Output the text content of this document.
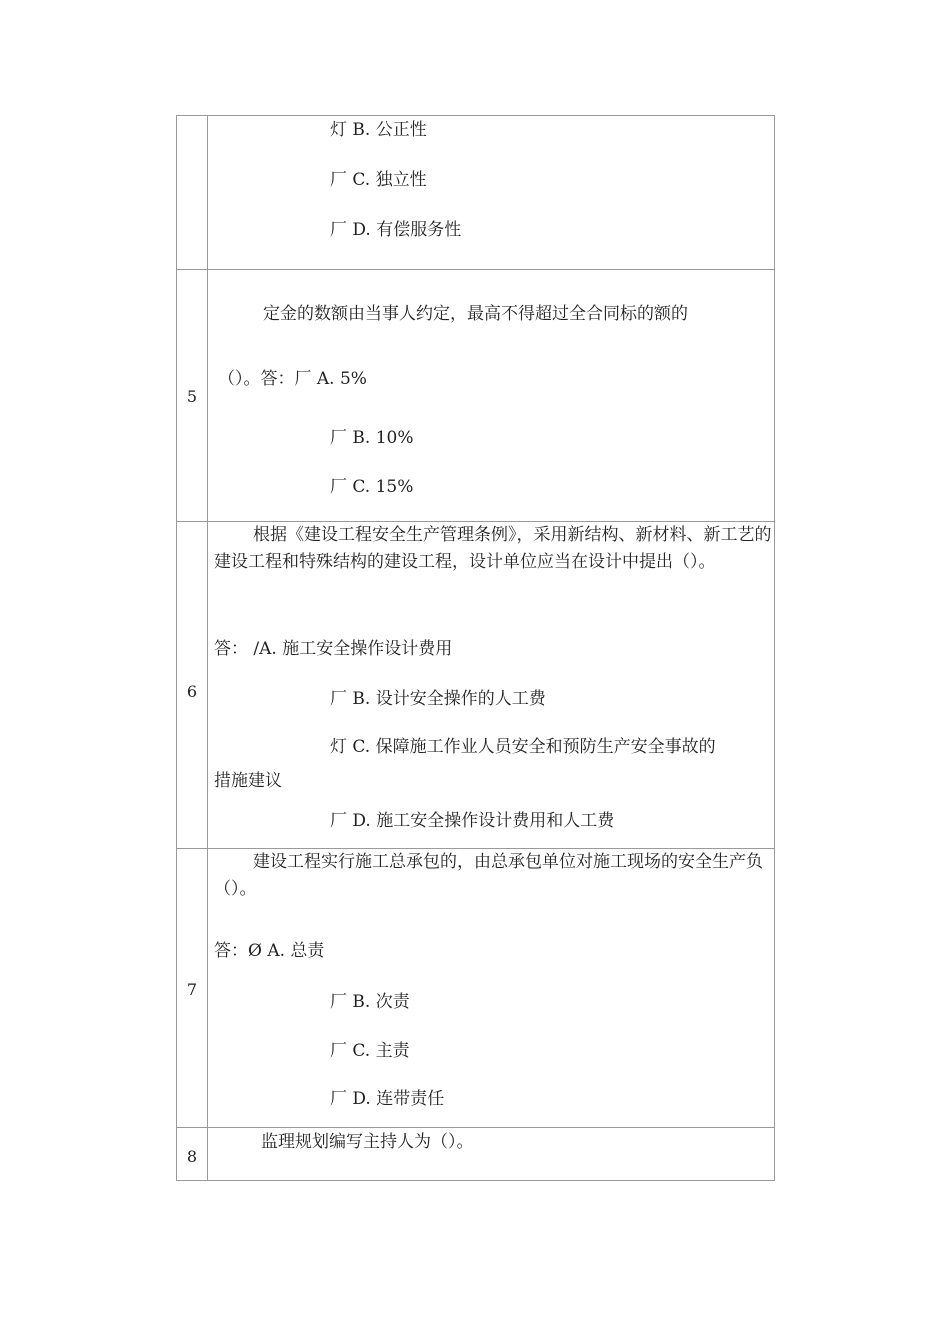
灯 B. 公正性
厂 C. 独立性
厂 D. 有偿服务性
5
定金的数额由当事人约定，最高不得超过全合同标的额的
（）。答：厂 A. 5%
厂 B. 10%
厂 C. 15%
6
根据《建设工程安全生产管理条例》，采用新结构、新材料、新工艺的建设工程和特殊结构的建设工程，设计单位应当在设计中提出（）。
答： /A. 施工安全操作设计费用
厂 B. 设计安全操作的人工费
灯 C. 保障施工作业人员安全和预防生产安全事故的
措施建议
厂 D. 施工安全操作设计费用和人工费
7
建设工程实行施工总承包的，由总承包单位对施工现场的安全生产负（）。
答：Ø A. 总责
厂 B. 次责
厂 C. 主责
厂 D. 连带责任
8
监理规划编写主持人为（）。
